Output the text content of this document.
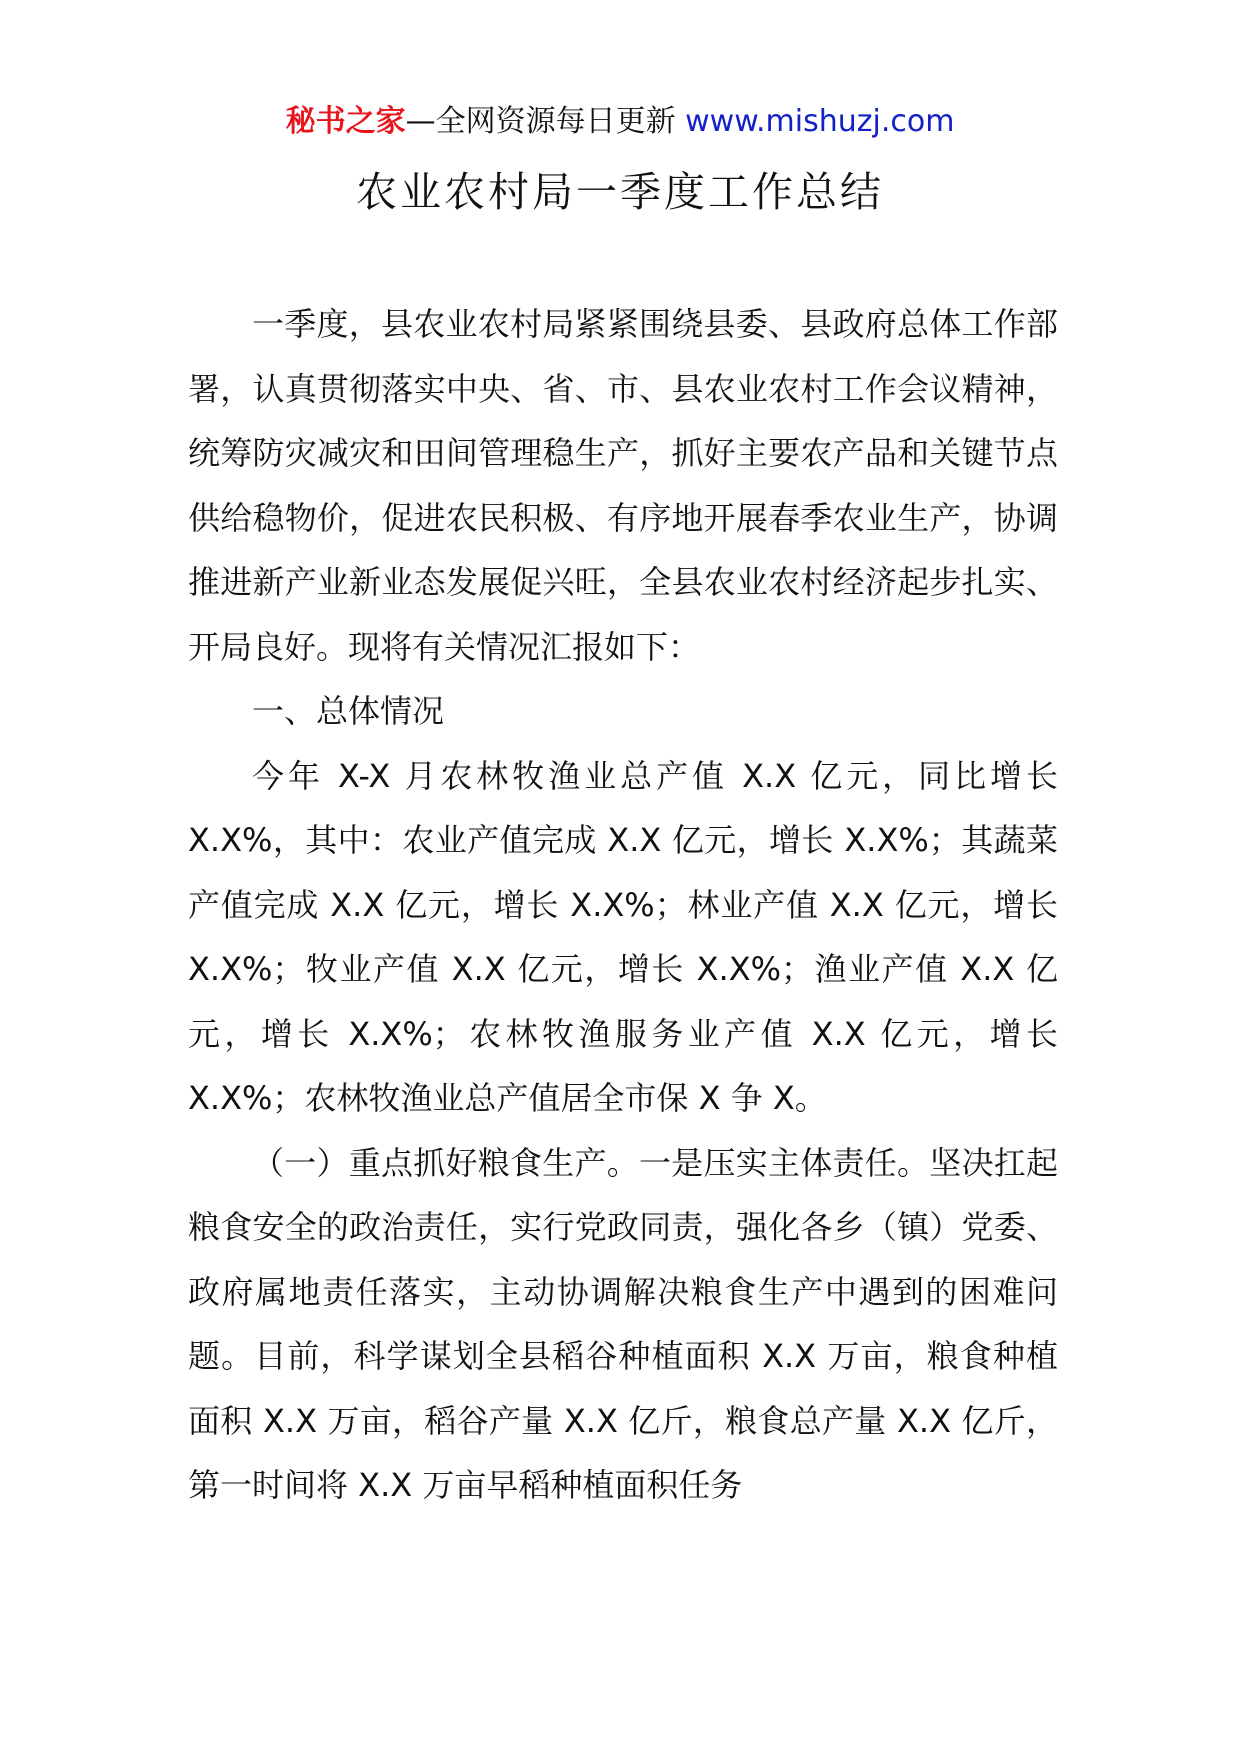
秘书之家—全网资源每日更新 www.mishuzj.com
农业农村局一季度工作总结

一季度，县农业农村局紧紧围绕县委、县政府总体工作部署，认真贯彻落实中央、省、市、县农业农村工作会议精神，统筹防灾减灾和田间管理稳生产，抓好主要农产品和关键节点供给稳物价，促进农民积极、有序地开展春季农业生产，协调推进新产业新业态发展促兴旺，全县农业农村经济起步扎实、开局良好。现将有关情况汇报如下：

一、总体情况

今年 X-X 月农林牧渔业总产值 X.X 亿元，同比增长 X.X%，其中：农业产值完成 X.X 亿元，增长 X.X%；其蔬菜产值完成 X.X 亿元，增长 X.X%；林业产值 X.X 亿元，增长 X.X%；牧业产值 X.X 亿元，增长 X.X%；渔业产值 X.X 亿元，增长 X.X%；农林牧渔服务业产值 X.X 亿元，增长 X.X%；农林牧渔业总产值居全市保 X 争 X。

（一）重点抓好粮食生产。一是压实主体责任。坚决扛起粮食安全的政治责任，实行党政同责，强化各乡（镇）党委、政府属地责任落实，主动协调解决粮食生产中遇到的困难问题。目前，科学谋划全县稻谷种植面积 X.X 万亩，粮食种植面积 X.X 万亩，稻谷产量 X.X 亿斤，粮食总产量 X.X 亿斤，第一时间将 X.X 万亩早稻种植面积任务
